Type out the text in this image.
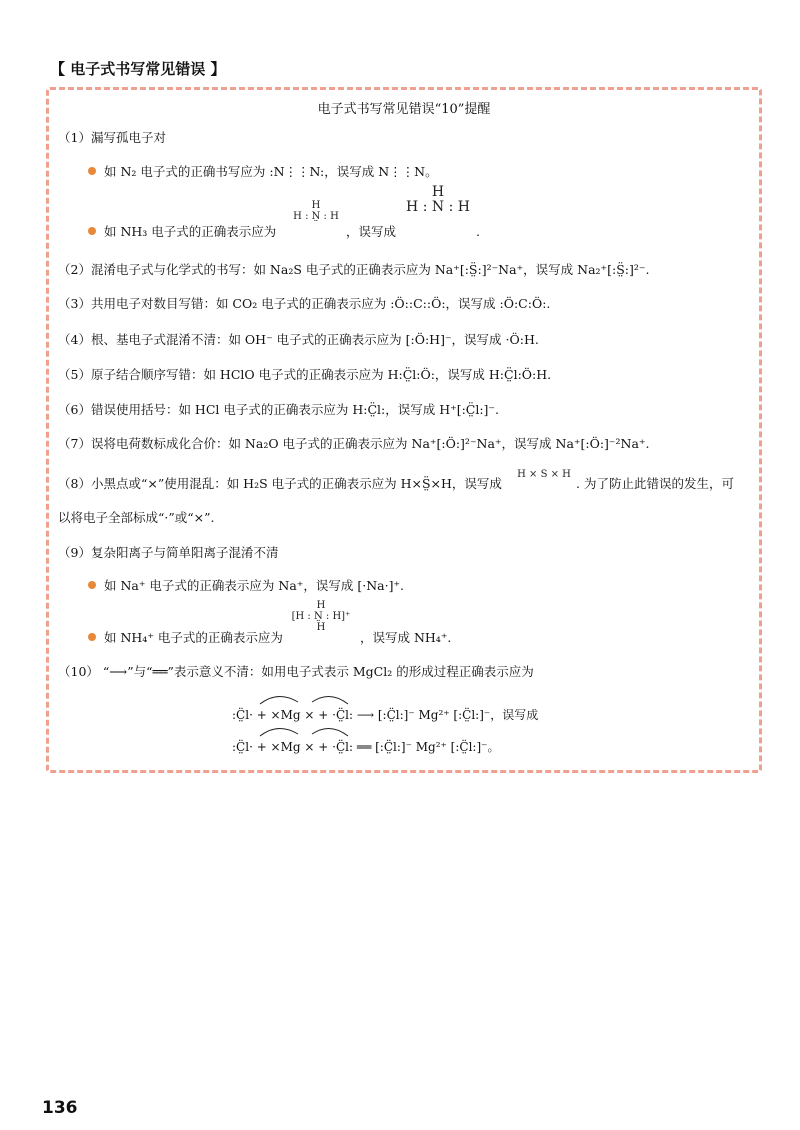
【 电子式书写常见错误 】
电子式书写常见错误“10”提醒
（1）漏写孤电子对
如 N₂ 电子式的正确书写应为 :N⋮⋮N:，误写成 N⋮⋮N。
如 NH₃ 电子式的正确表示应为
H
H : N̤ : H
，误写成
H
H : N : H
.
（2）混淆电子式与化学式的书写：如 Na₂S 电子式的正确表示应为 Na⁺[:S̤̈:]²⁻Na⁺，误写成 Na₂⁺[:S̤̈:]²⁻.
（3）共用电子对数目写错：如 CO₂ 电子式的正确表示应为 :Ö::C::Ö:，误写成 :Ö:C:Ö:.
（4）根、基电子式混淆不清：如 OH⁻ 电子式的正确表示应为 [:Ö:H]⁻，误写成 ·Ö:H.
（5）原子结合顺序写错：如 HClO 电子式的正确表示应为 H:C̤̈l:Ö:，误写成 H:C̤̈l:Ö:H.
（6）错误使用括号：如 HCl 电子式的正确表示应为 H:C̤̈l:，误写成 H⁺[:C̤̈l:]⁻.
（7）误将电荷数标成化合价：如 Na₂O 电子式的正确表示应为 Na⁺[:Ö:]²⁻Na⁺，误写成 Na⁺[:Ö:]⁻²Na⁺.
（8）小黑点或“×”使用混乱：如 H₂S 电子式的正确表示应为 H×S̤̈×H，误写成
H × S × H
. 为了防止此错误的发生，可
以将电子全部标成“·”或“×”.
（9）复杂阳离子与简单阳离子混淆不清
如 Na⁺ 电子式的正确表示应为 Na⁺，误写成 [·Na·]⁺.
如 NH₄⁺ 电子式的正确表示应为
H
[H : N̤ : H]⁺
H
，误写成 NH₄⁺.
（10） “⟶”与“══”表示意义不清：如用电子式表示 MgCl₂ 的形成过程正确表示应为
:C̤̈l· + ×Mg × + ·C̤̈l: ⟶ [:C̤̈l:]⁻ Mg²⁺ [:C̤̈l:]⁻，误写成
:C̤̈l· + ×Mg × + ·C̤̈l: ══ [:C̤̈l:]⁻ Mg²⁺ [:C̤̈l:]⁻。
136
